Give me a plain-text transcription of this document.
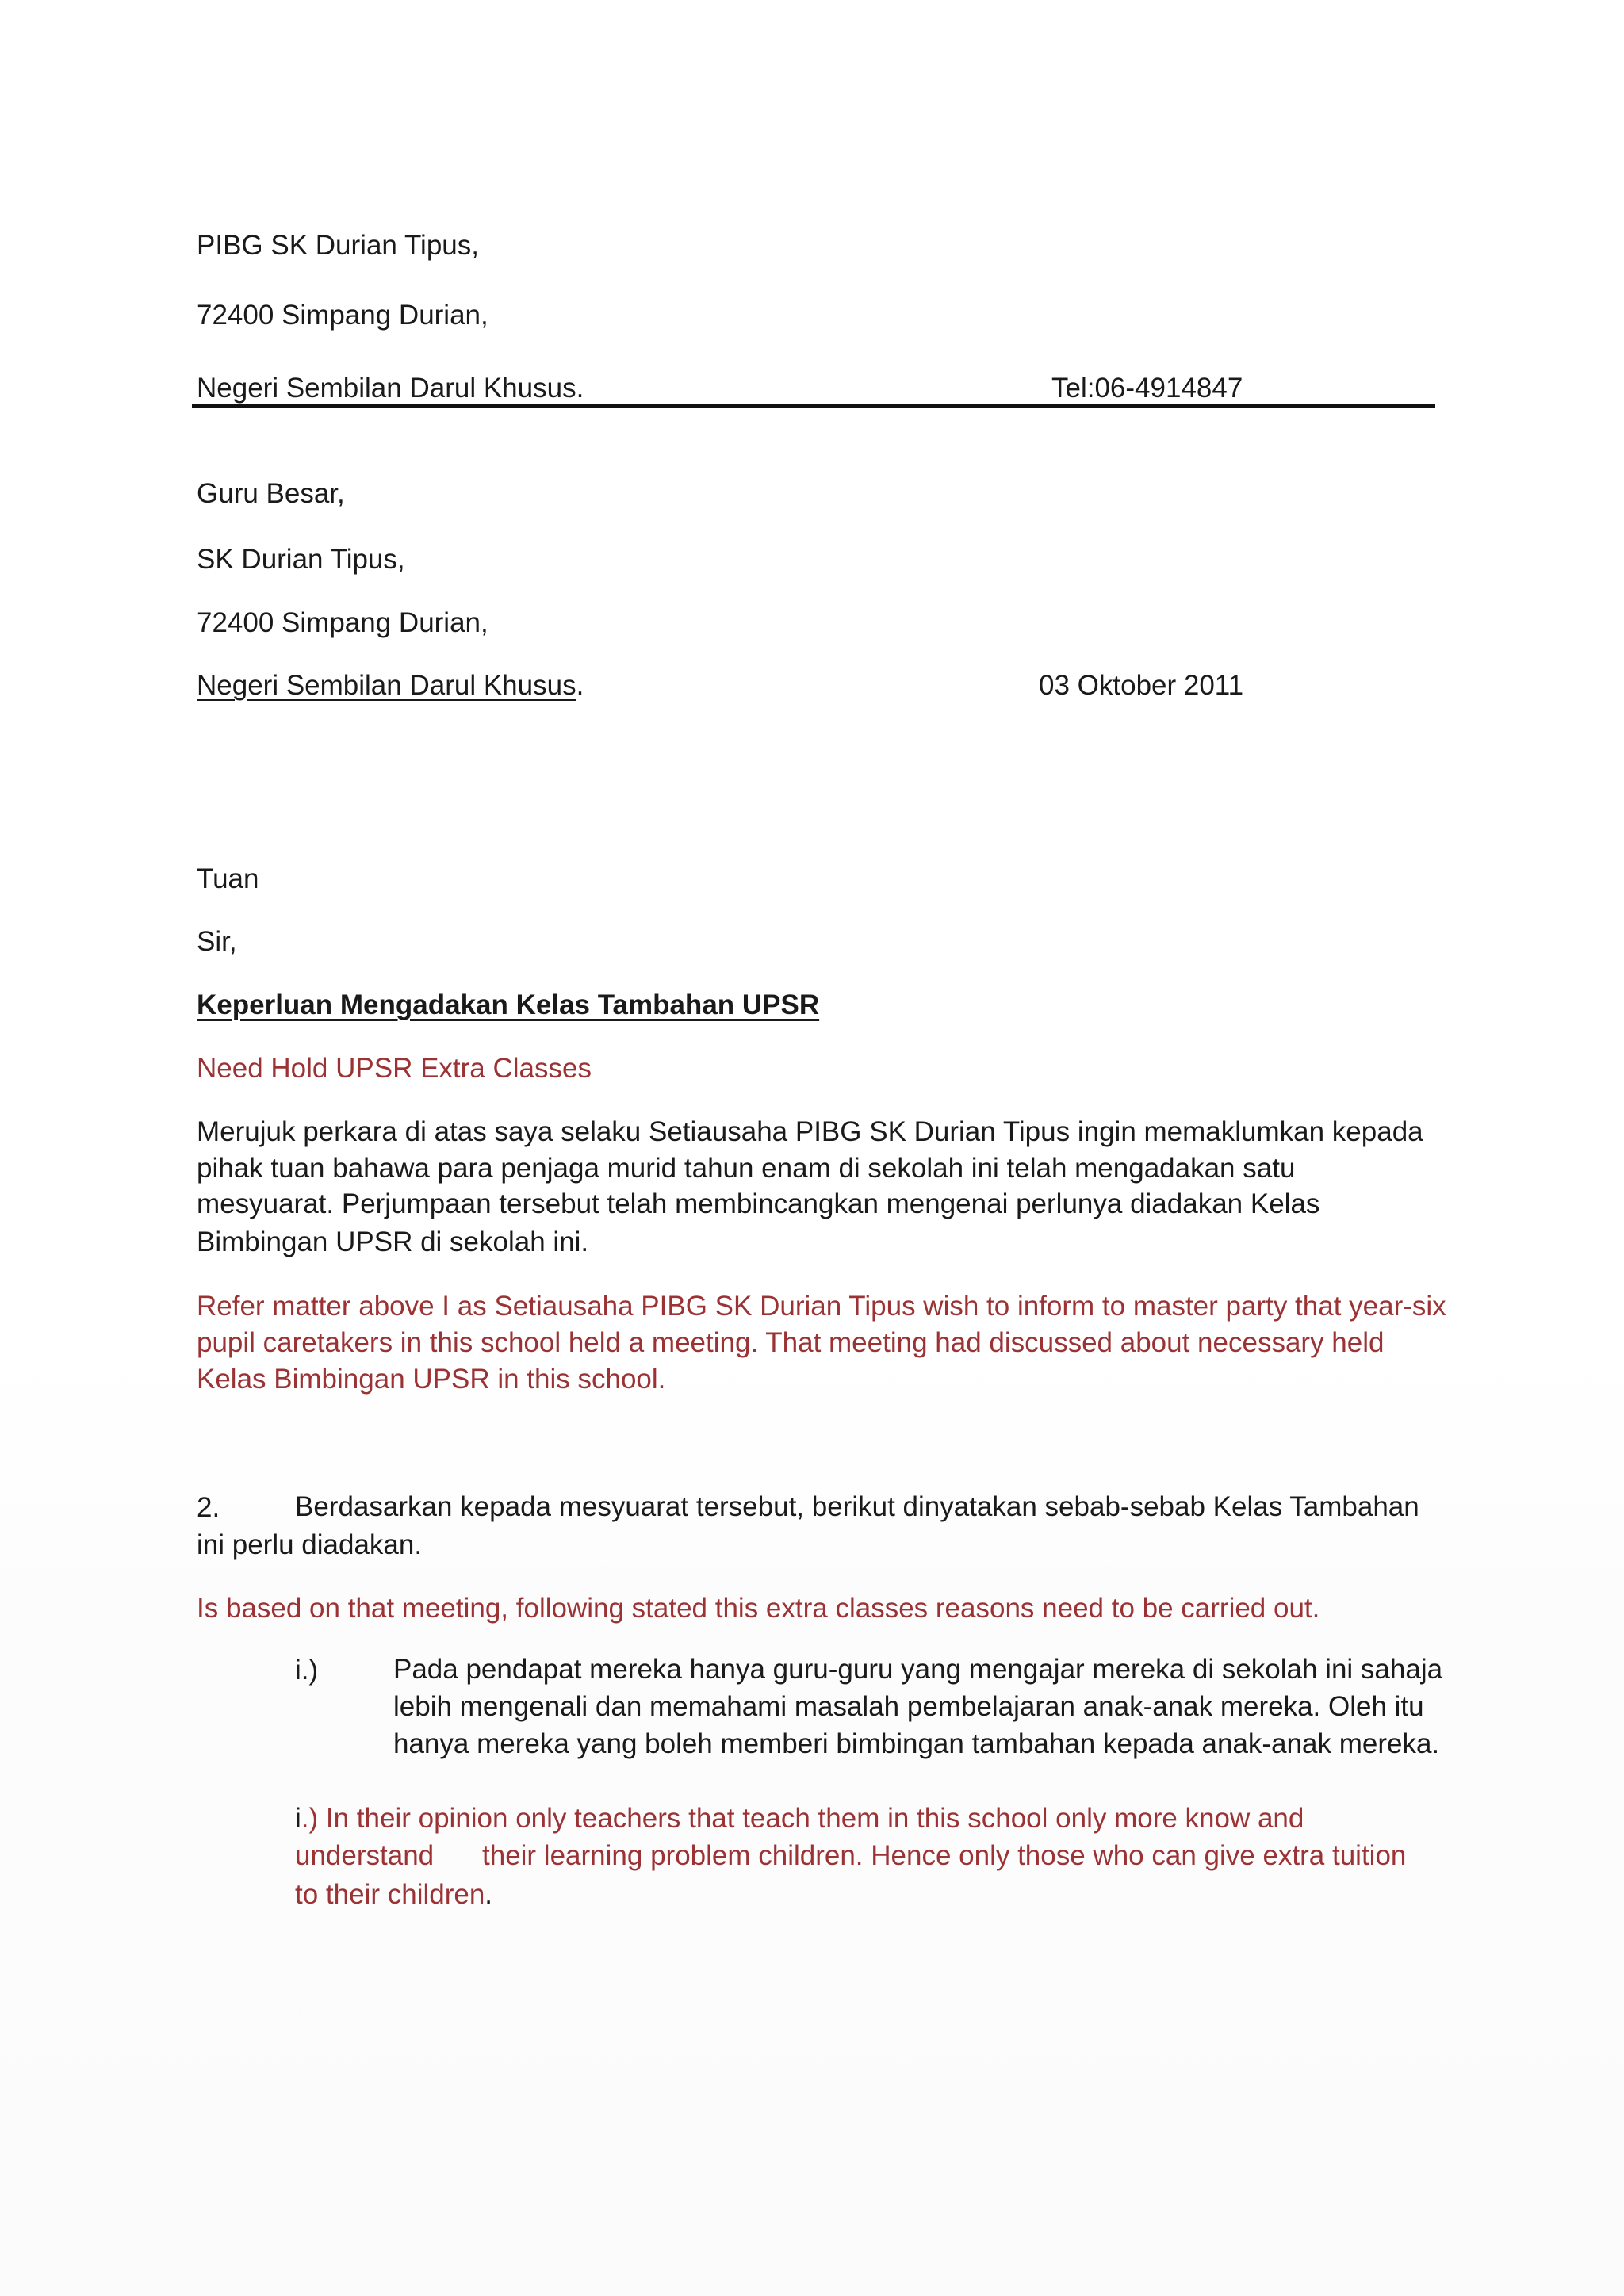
PIBG SK Durian Tipus,
72400 Simpang Durian,
Negeri Sembilan Darul Khusus.	Tel:06-4914847
Guru Besar,
SK Durian Tipus,
72400 Simpang Durian,
Negeri Sembilan Darul Khusus.	03 Oktober 2011
Tuan
Sir,
Keperluan Mengadakan Kelas Tambahan UPSR
Need Hold UPSR Extra Classes
Merujuk perkara di atas saya selaku Setiausaha PIBG SK Durian Tipus ingin memaklumkan kepada
pihak tuan bahawa para penjaga murid tahun enam di sekolah ini telah mengadakan satu
mesyuarat. Perjumpaan tersebut telah membincangkan mengenai perlunya diadakan Kelas
Bimbingan UPSR di sekolah ini.
Refer matter above I as Setiausaha PIBG SK Durian Tipus wish to inform to master party that year-six
pupil caretakers in this school held a meeting. That meeting had discussed about necessary held
Kelas Bimbingan UPSR in this school.
2.	Berdasarkan kepada mesyuarat tersebut, berikut dinyatakan sebab-sebab Kelas Tambahan
ini perlu diadakan.
Is based on that meeting, following stated this extra classes reasons need to be carried out.
i.)	Pada pendapat mereka hanya guru-guru yang mengajar mereka di sekolah ini sahaja
lebih mengenali dan memahami masalah pembelajaran anak-anak mereka. Oleh itu
hanya mereka yang boleh memberi bimbingan tambahan kepada anak-anak mereka.
i.) In their opinion only teachers that teach them in this school only more know and
understand their learning problem children. Hence only those who can give extra tuition
to their children.
